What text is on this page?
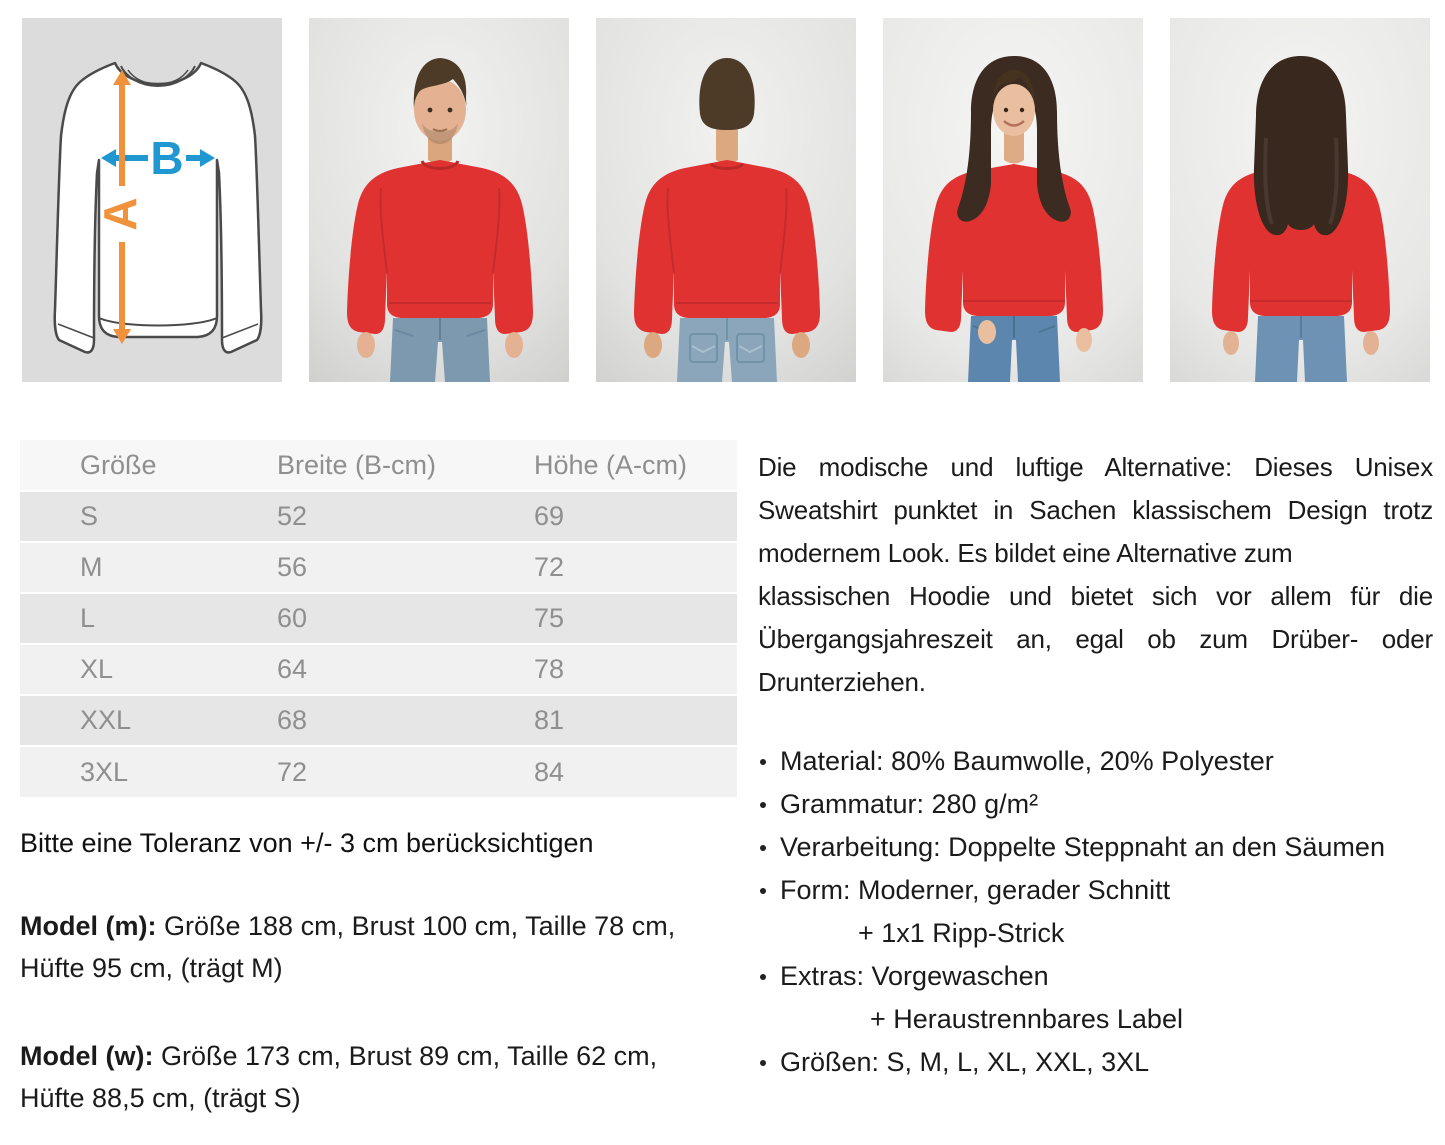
B
A
Größe	Breite (B-cm)	Höhe (A-cm)
S	52	69
M	56	72
L	60	75
XL	64	78
XXL	68	81
3XL	72	84
Bitte eine Toleranz von +/- 3 cm berücksichtigen

Model (m): Größe 188 cm, Brust 100 cm, Taille 78 cm, Hüfte 95 cm, (trägt M)

Model (w): Größe 173 cm, Brust 89 cm, Taille 62 cm, Hüfte 88,5 cm, (trägt S)

Die modische und luftige Alternative: Dieses Unisex
Sweatshirt punktet in Sachen klassischem Design trotz
modernem Look. Es bildet eine Alternative zum
klassischen Hoodie und bietet sich vor allem für die
Übergangsjahreszeit an, egal ob zum Drüber- oder
Drunterziehen.
Material: 80% Baumwolle, 20% Polyester
Grammatur: 280 g/m²
Verarbeitung: Doppelte Steppnaht an den Säumen
Form: Moderner, gerader Schnitt
+ 1x1 Ripp-Strick
Extras: Vorgewaschen
+ Heraustrennbares Label
Größen: S, M, L, XL, XXL, 3XL
